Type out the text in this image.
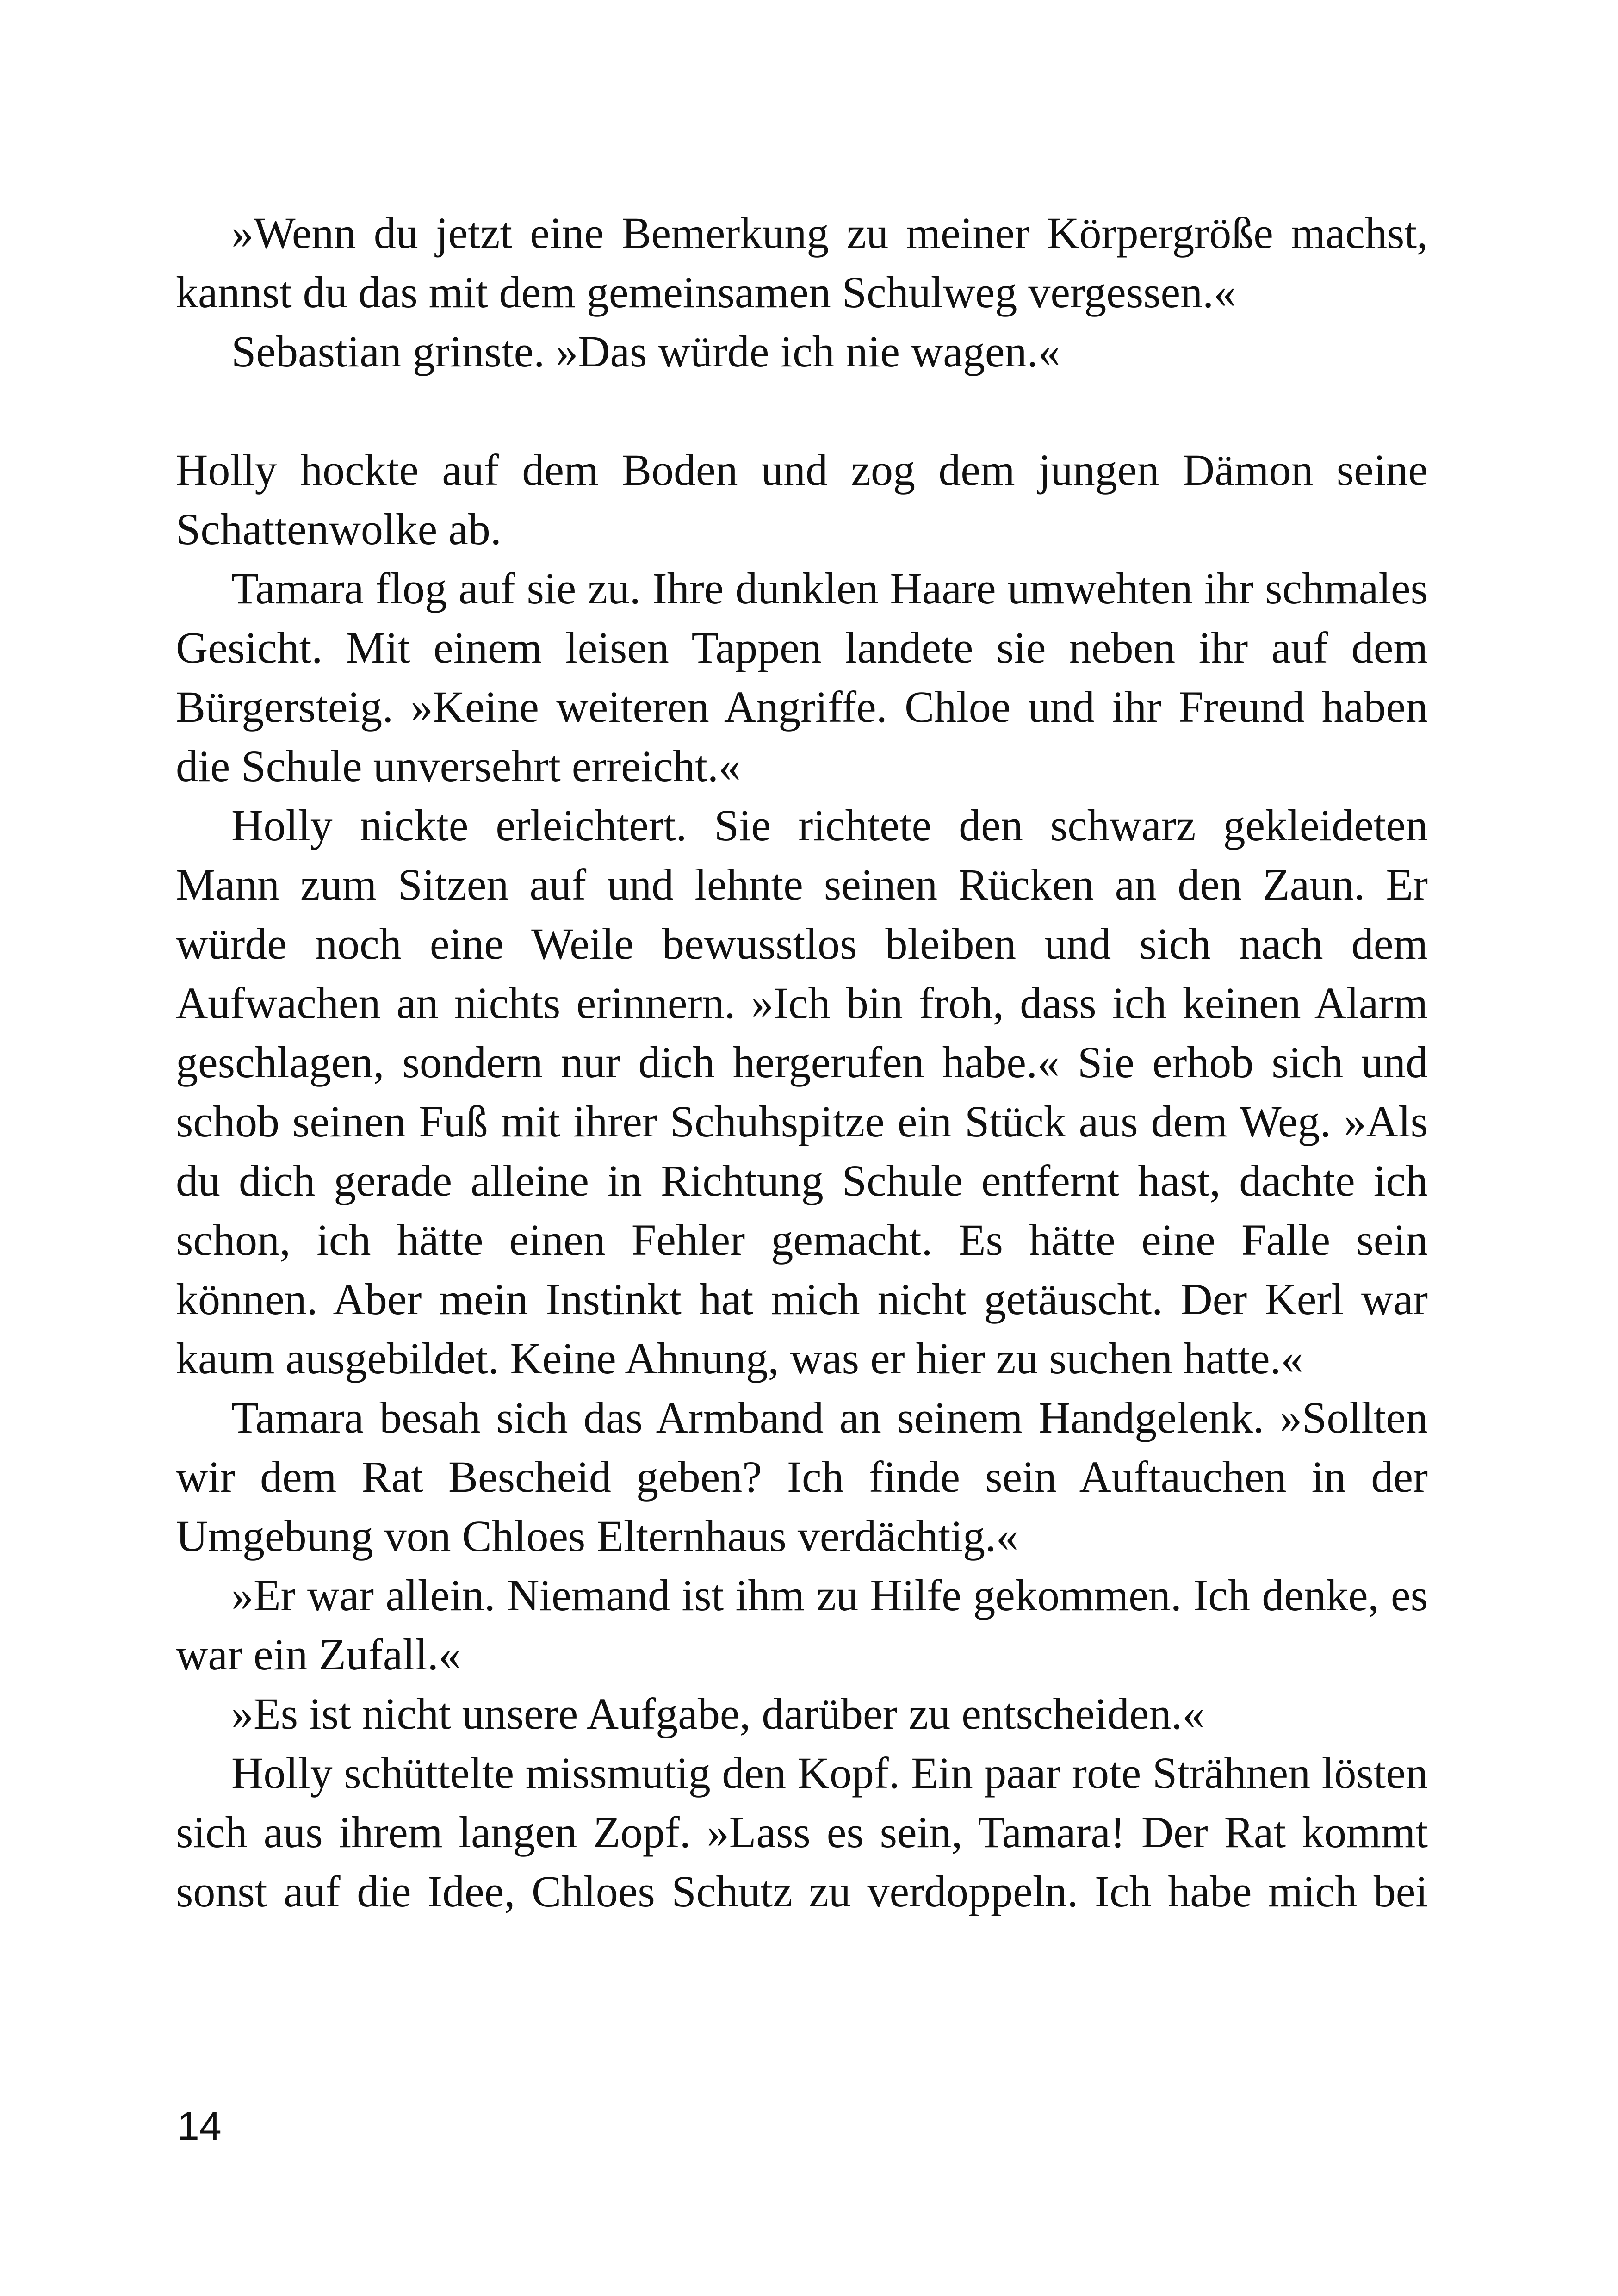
»Wenn du jetzt eine Bemerkung zu meiner Körpergröße machst, kannst du das mit dem gemeinsamen Schulweg vergessen.«

Sebastian grinste. »Das würde ich nie wagen.«

Holly hockte auf dem Boden und zog dem jungen Dämon seine Schattenwolke ab.

Tamara flog auf sie zu. Ihre dunklen Haare umwehten ihr schmales Gesicht. Mit einem leisen Tappen landete sie neben ihr auf dem Bürgersteig. »Keine weiteren Angriffe. Chloe und ihr Freund haben die Schule unversehrt erreicht.«

Holly nickte erleichtert. Sie richtete den schwarz gekleideten Mann zum Sitzen auf und lehnte seinen Rücken an den Zaun. Er würde noch eine Weile bewusstlos bleiben und sich nach dem Aufwachen an nichts erinnern. »Ich bin froh, dass ich keinen Alarm geschlagen, sondern nur dich hergerufen habe.« Sie erhob sich und schob seinen Fuß mit ihrer Schuhspitze ein Stück aus dem Weg. »Als du dich gerade alleine in Richtung Schule entfernt hast, dachte ich schon, ich hätte einen Fehler gemacht. Es hätte eine Falle sein können. Aber mein Instinkt hat mich nicht getäuscht. Der Kerl war kaum ausgebildet. Keine Ahnung, was er hier zu suchen hatte.«

Tamara besah sich das Armband an seinem Handgelenk. »Sollten wir dem Rat Bescheid geben? Ich finde sein Auftauchen in der Umgebung von Chloes Elternhaus verdächtig.«

»Er war allein. Niemand ist ihm zu Hilfe gekommen. Ich denke, es war ein Zufall.«

»Es ist nicht unsere Aufgabe, darüber zu entscheiden.«

Holly schüttelte missmutig den Kopf. Ein paar rote Strähnen lösten sich aus ihrem langen Zopf. »Lass es sein, Tamara! Der Rat kommt sonst auf die Idee, Chloes Schutz zu verdoppeln. Ich habe mich bei

14
